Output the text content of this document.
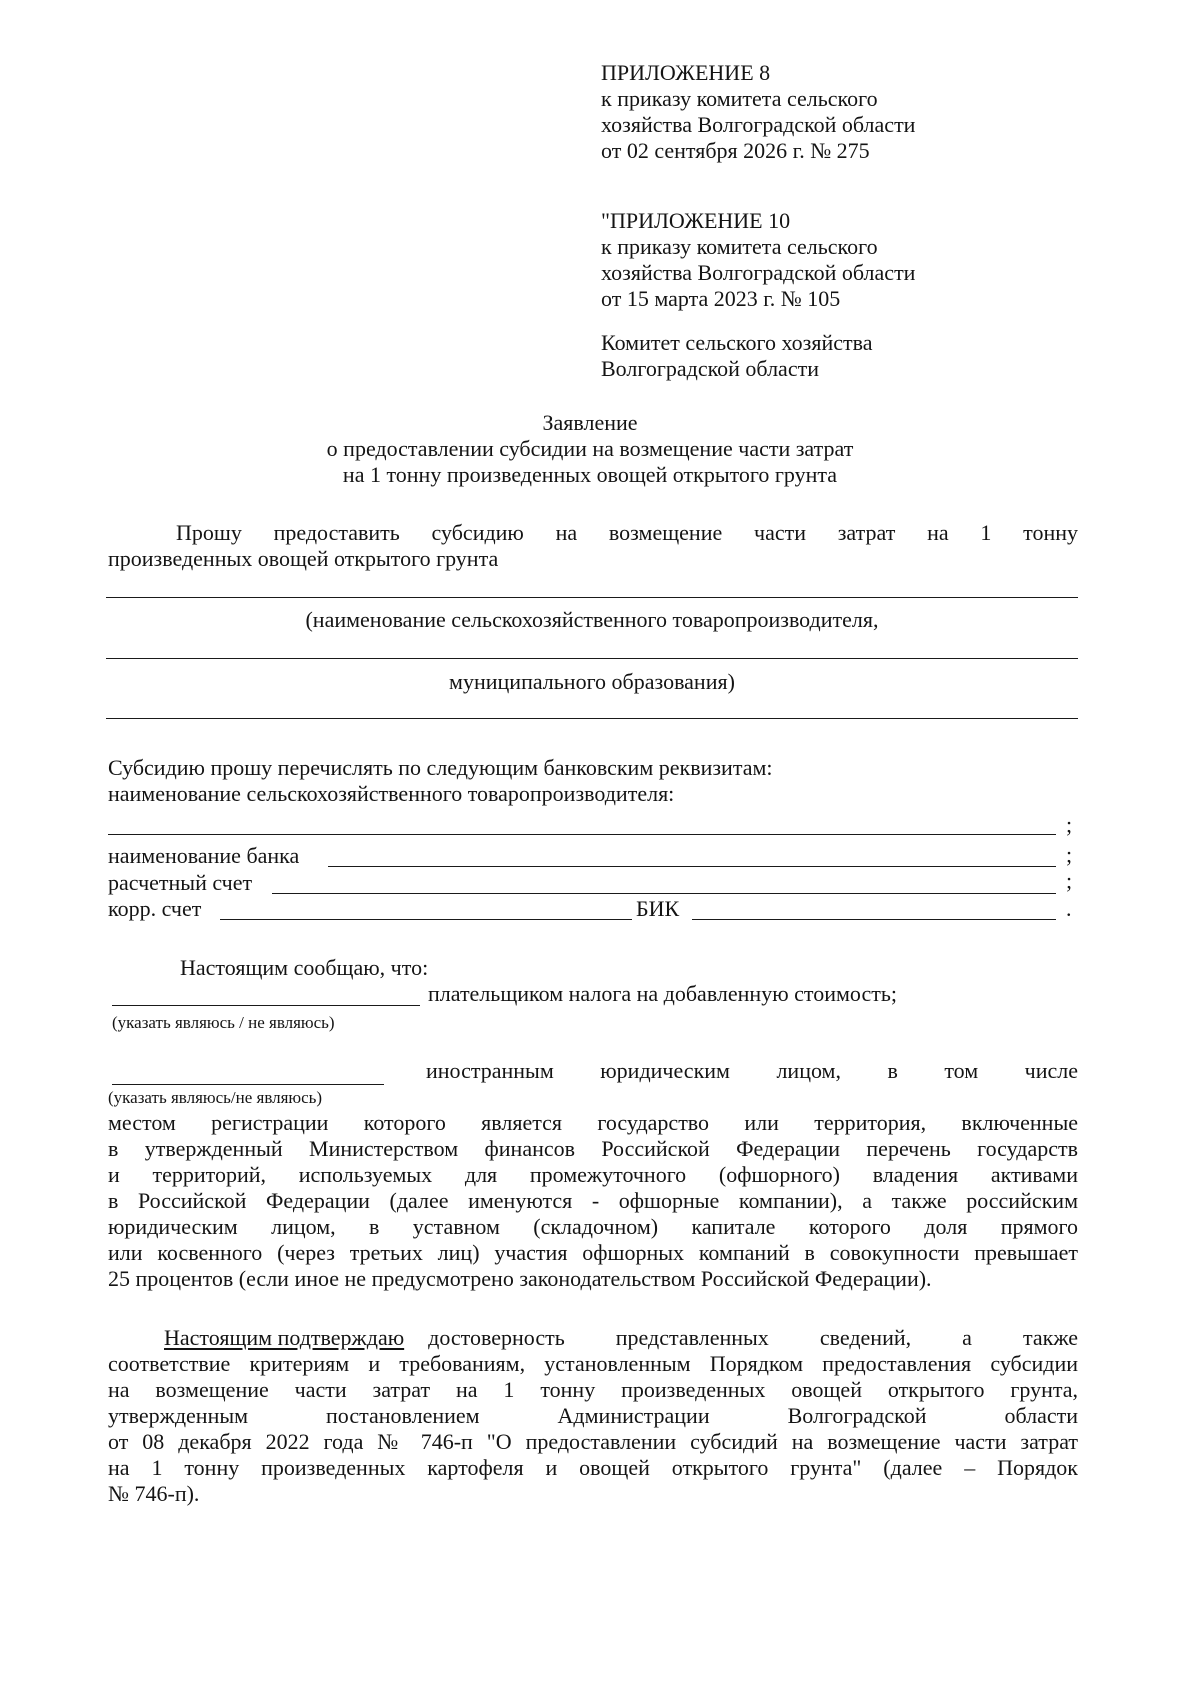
ПРИЛОЖЕНИЕ 8
к приказу комитета сельского
хозяйства Волгоградской области
от 02 сентября 2026 г. № 275
"ПРИЛОЖЕНИЕ 10
к приказу комитета сельского
хозяйства Волгоградской области
от 15 марта 2023 г. № 105
Комитет сельского хозяйства
Волгоградской области
Заявление
о предоставлении субсидии на возмещение части затрат
на 1 тонну произведенных овощей открытого грунта
Прошу предоставить субсидию на возмещение части затрат на 1 тонну
произведенных овощей открытого грунта
(наименование сельскохозяйственного товаропроизводителя,
муниципального образования)
Субсидию прошу перечислять по следующим банковским реквизитам:
наименование сельскохозяйственного товаропроизводителя:
;
наименование банка	;
расчетный счет	;
корр. счет	БИК	.
Настоящим сообщаю, что:
плательщиком налога на добавленную стоимость;
(указать являюсь / не являюсь)
иностранным юридическим лицом, в том числе
(указать являюсь/не являюсь)
местом регистрации которого является государство или территория, включенные
в утвержденный Министерством финансов Российской Федерации перечень государств
и территорий, используемых для промежуточного (офшорного) владения активами
в Российской Федерации (далее именуются - офшорные компании), а также российским
юридическим лицом, в уставном (складочном) капитале которого доля прямого
или косвенного (через третьих лиц) участия офшорных компаний в совокупности превышает
25 процентов (если иное не предусмотрено законодательством Российской Федерации).
Настоящим подтверждаю достоверность представленных сведений, а также
соответствие критериям и требованиям, установленным Порядком предоставления субсидии
на возмещение части затрат на 1 тонну произведенных овощей открытого грунта,
утвержденным постановлением Администрации Волгоградской области
от 08 декабря 2022 года № 746-п "О предоставлении субсидий на возмещение части затрат
на 1 тонну произведенных картофеля и овощей открытого грунта" (далее – Порядок
№ 746-п).
